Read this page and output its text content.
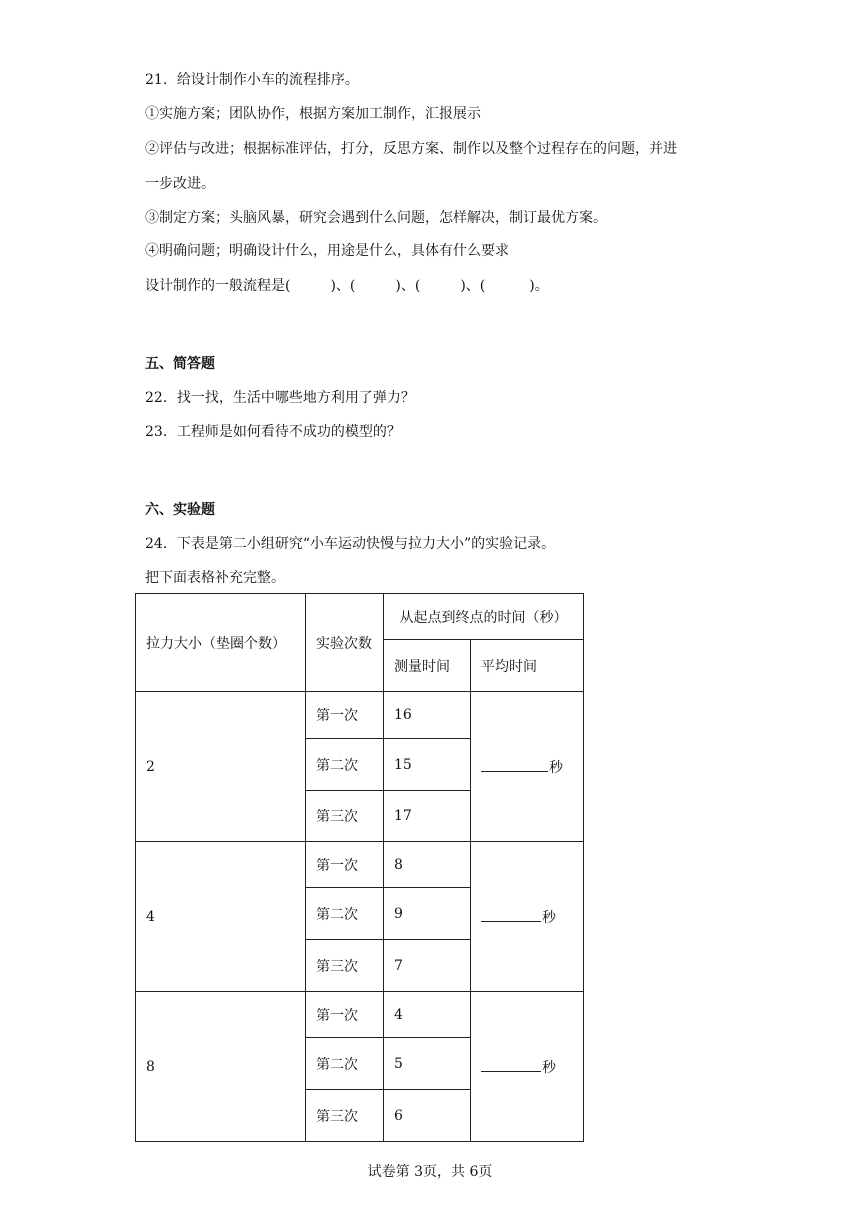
21．给设计制作小车的流程排序。
①实施方案；团队协作，根据方案加工制作，汇报展示
②评估与改进；根据标准评估，打分，反思方案、制作以及整个过程存在的问题，并进
一步改进。
③制定方案；头脑风暴，研究会遇到什么问题，怎样解决，制订最优方案。
④明确问题；明确设计什么，用途是什么，具体有什么要求
设计制作的一般流程是(	)、(	)、(	)、(	)。
五、简答题
22．找一找，生活中哪些地方利用了弹力？
23．工程师是如何看待不成功的模型的？
六、实验题
24．下表是第二小组研究“小车运动快慢与拉力大小”的实验记录。
把下面表格补充完整。
拉力大小（垫圈个数）	实验次数	从起点到终点的时间（秒）	
		测量时间	平均时间
2	第一次	16	秒
	第二次	15	
	第三次	17	
4	第一次	8	秒
	第二次	9	
	第三次	7	
8	第一次	4	秒
	第二次	5	
	第三次	6	
试卷第 3页，共 6页
